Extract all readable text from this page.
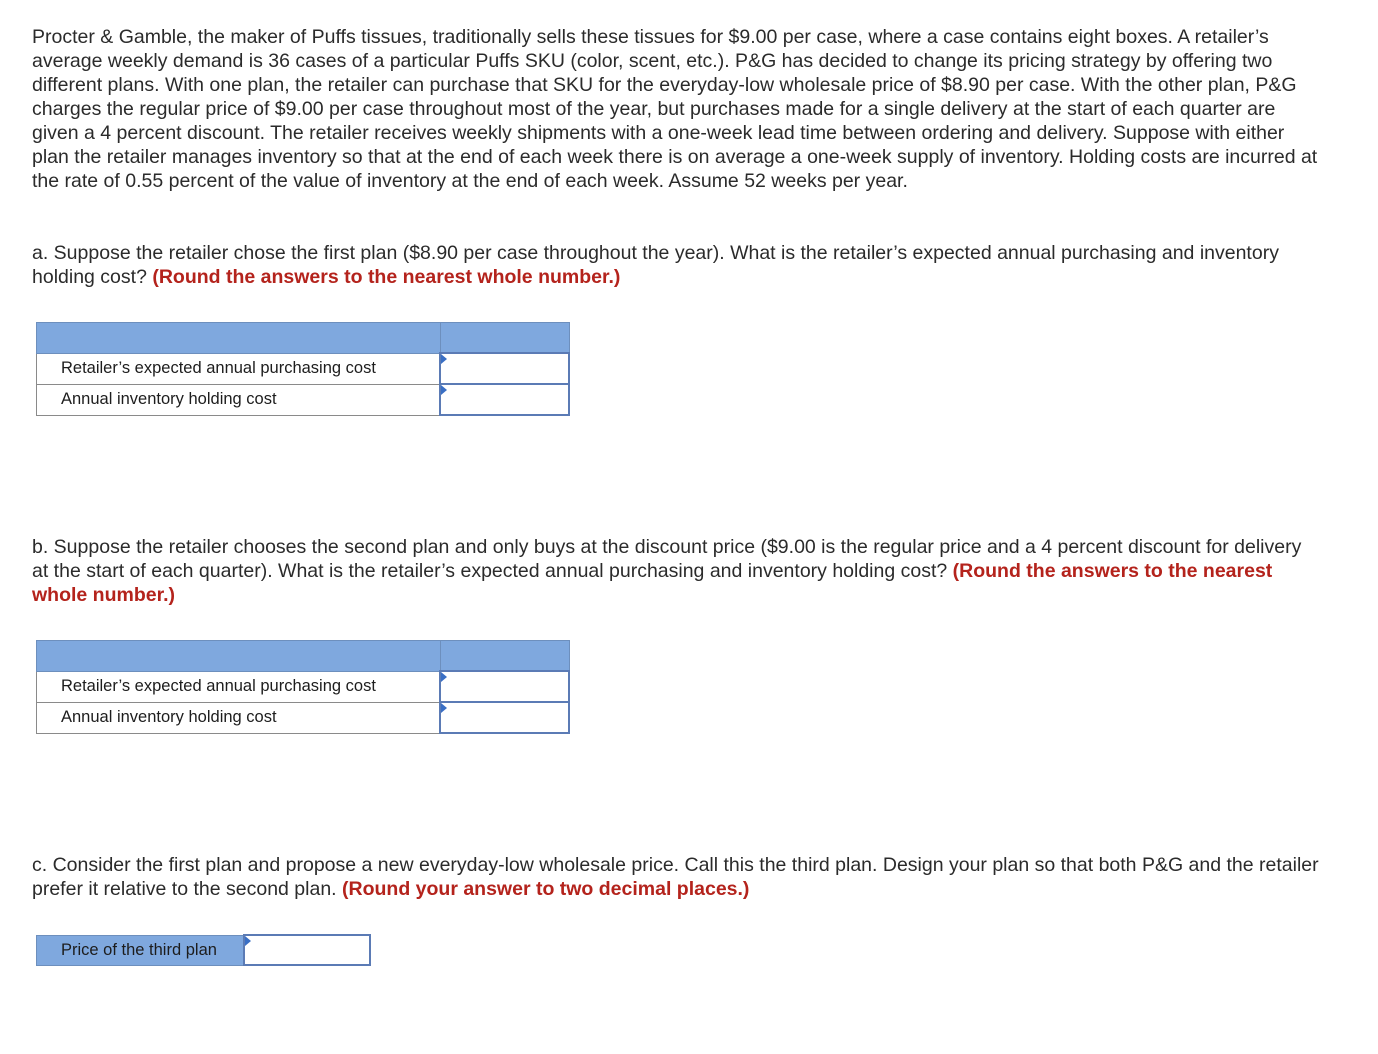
Procter & Gamble, the maker of Puffs tissues, traditionally sells these tissues for $9.00 per case, where a case contains eight boxes. A retailer’s average weekly demand is 36 cases of a particular Puffs SKU (color, scent, etc.). P&G has decided to change its pricing strategy by offering two different plans. With one plan, the retailer can purchase that SKU for the everyday-low wholesale price of $8.90 per case. With the other plan, P&G charges the regular price of $9.00 per case throughout most of the year, but purchases made for a single delivery at the start of each quarter are given a 4 percent discount. The retailer receives weekly shipments with a one-week lead time between ordering and delivery. Suppose with either plan the retailer manages inventory so that at the end of each week there is on average a one-week supply of inventory. Holding costs are incurred at the rate of 0.55 percent of the value of inventory at the end of each week. Assume 52 weeks per year.

a. Suppose the retailer chose the first plan ($8.90 per case throughout the year). What is the retailer’s expected annual purchasing and inventory holding cost? (Round the answers to the nearest whole number.)

Retailer’s expected annual purchasing cost	

Annual inventory holding cost	

b. Suppose the retailer chooses the second plan and only buys at the discount price ($9.00 is the regular price and a 4 percent discount for delivery at the start of each quarter). What is the retailer’s expected annual purchasing and inventory holding cost? (Round the answers to the nearest whole number.)

Retailer’s expected annual purchasing cost	

Annual inventory holding cost	

c. Consider the first plan and propose a new everyday-low wholesale price. Call this the third plan. Design your plan so that both P&G and the retailer prefer it relative to the second plan. (Round your answer to two decimal places.)

Price of the third plan	
